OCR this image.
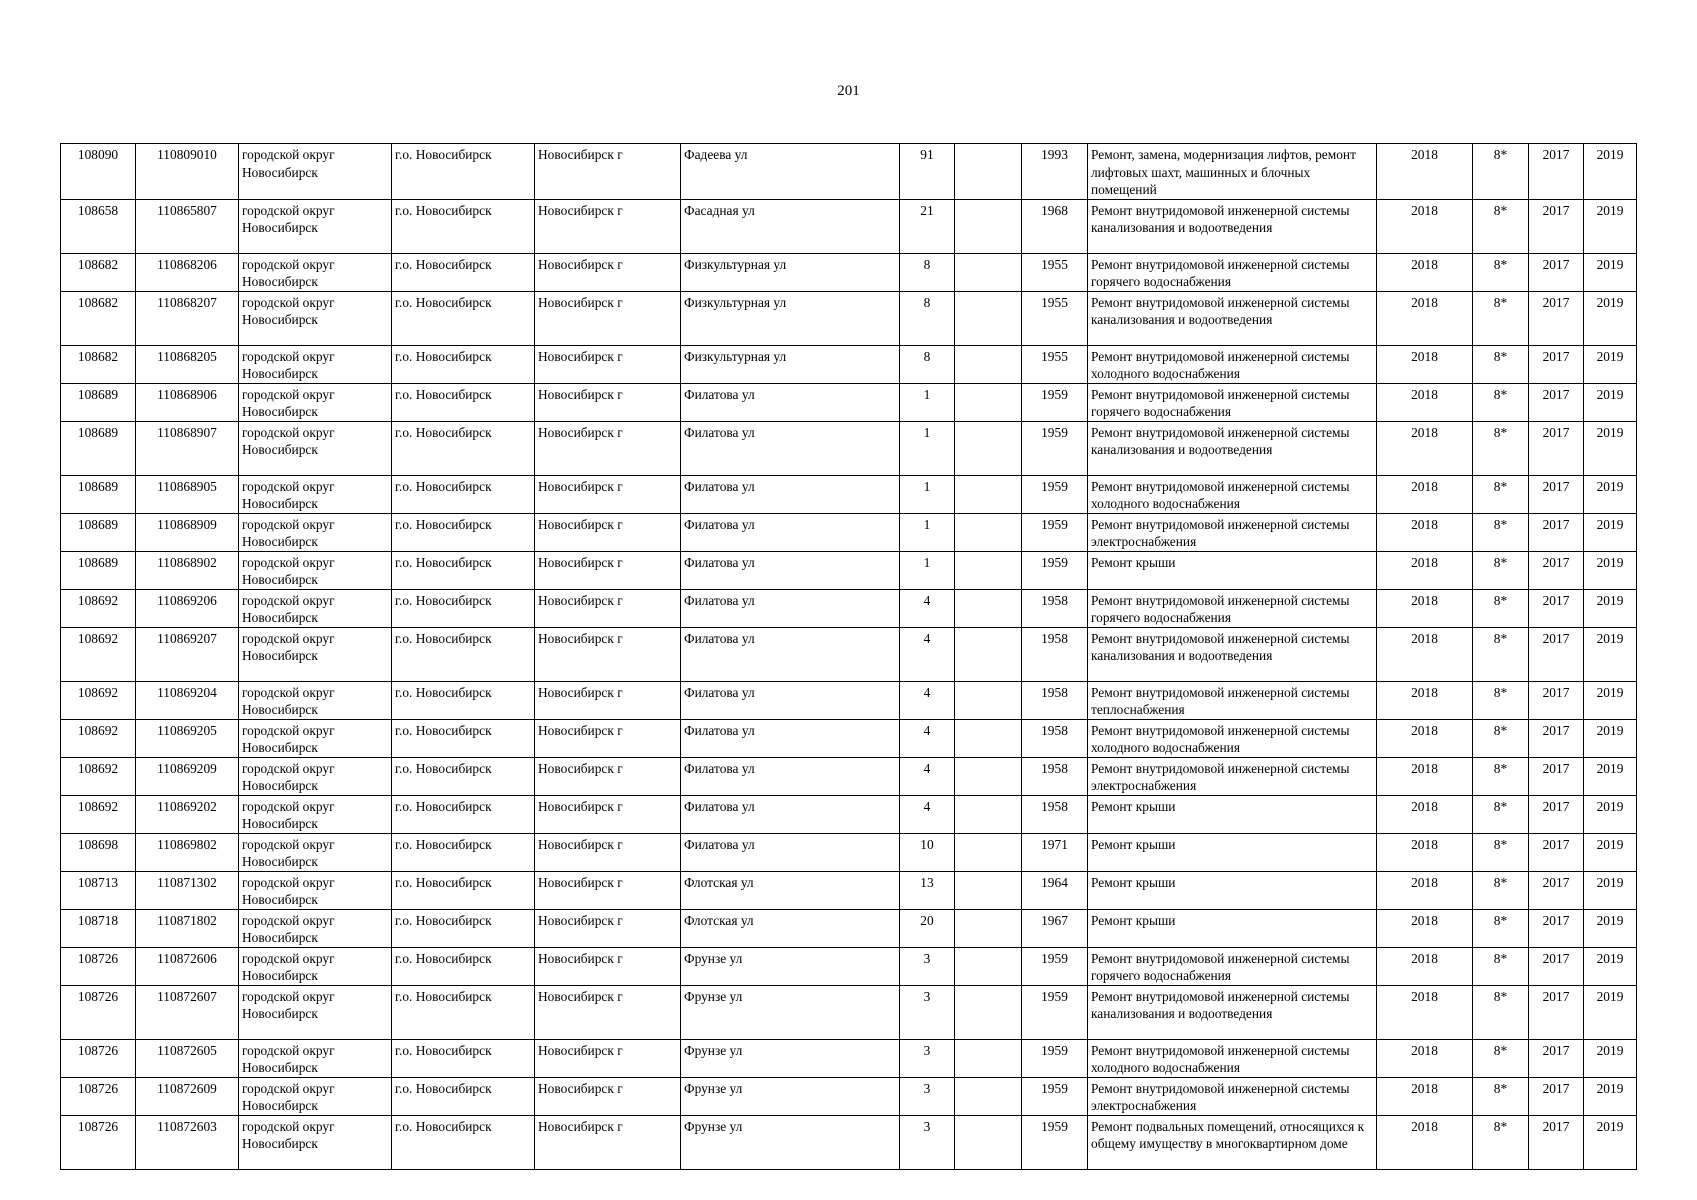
201
108090	110809010	городской округ Новосибирск	г.о. Новосибирск	Новосибирск г	Фадеева ул	91		1993	Ремонт, замена, модернизация лифтов, ремонт лифтовых шахт, машинных и блочных помещений	2018	8*	2017	2019
108658	110865807	городской округ Новосибирск	г.о. Новосибирск	Новосибирск г	Фасадная ул	21		1968	Ремонт внутридомовой инженерной системы канализования и водоотведения	2018	8*	2017	2019
108682	110868206	городской округ Новосибирск	г.о. Новосибирск	Новосибирск г	Физкультурная ул	8		1955	Ремонт внутридомовой инженерной системы горячего водоснабжения	2018	8*	2017	2019
108682	110868207	городской округ Новосибирск	г.о. Новосибирск	Новосибирск г	Физкультурная ул	8		1955	Ремонт внутридомовой инженерной системы канализования и водоотведения	2018	8*	2017	2019
108682	110868205	городской округ Новосибирск	г.о. Новосибирск	Новосибирск г	Физкультурная ул	8		1955	Ремонт внутридомовой инженерной системы холодного водоснабжения	2018	8*	2017	2019
108689	110868906	городской округ Новосибирск	г.о. Новосибирск	Новосибирск г	Филатова ул	1		1959	Ремонт внутридомовой инженерной системы горячего водоснабжения	2018	8*	2017	2019
108689	110868907	городской округ Новосибирск	г.о. Новосибирск	Новосибирск г	Филатова ул	1		1959	Ремонт внутридомовой инженерной системы канализования и водоотведения	2018	8*	2017	2019
108689	110868905	городской округ Новосибирск	г.о. Новосибирск	Новосибирск г	Филатова ул	1		1959	Ремонт внутридомовой инженерной системы холодного водоснабжения	2018	8*	2017	2019
108689	110868909	городской округ Новосибирск	г.о. Новосибирск	Новосибирск г	Филатова ул	1		1959	Ремонт внутридомовой инженерной системы электроснабжения	2018	8*	2017	2019
108689	110868902	городской округ Новосибирск	г.о. Новосибирск	Новосибирск г	Филатова ул	1		1959	Ремонт крыши	2018	8*	2017	2019
108692	110869206	городской округ Новосибирск	г.о. Новосибирск	Новосибирск г	Филатова ул	4		1958	Ремонт внутридомовой инженерной системы горячего водоснабжения	2018	8*	2017	2019
108692	110869207	городской округ Новосибирск	г.о. Новосибирск	Новосибирск г	Филатова ул	4		1958	Ремонт внутридомовой инженерной системы канализования и водоотведения	2018	8*	2017	2019
108692	110869204	городской округ Новосибирск	г.о. Новосибирск	Новосибирск г	Филатова ул	4		1958	Ремонт внутридомовой инженерной системы теплоснабжения	2018	8*	2017	2019
108692	110869205	городской округ Новосибирск	г.о. Новосибирск	Новосибирск г	Филатова ул	4		1958	Ремонт внутридомовой инженерной системы холодного водоснабжения	2018	8*	2017	2019
108692	110869209	городской округ Новосибирск	г.о. Новосибирск	Новосибирск г	Филатова ул	4		1958	Ремонт внутридомовой инженерной системы электроснабжения	2018	8*	2017	2019
108692	110869202	городской округ Новосибирск	г.о. Новосибирск	Новосибирск г	Филатова ул	4		1958	Ремонт крыши	2018	8*	2017	2019
108698	110869802	городской округ Новосибирск	г.о. Новосибирск	Новосибирск г	Филатова ул	10		1971	Ремонт крыши	2018	8*	2017	2019
108713	110871302	городской округ Новосибирск	г.о. Новосибирск	Новосибирск г	Флотская ул	13		1964	Ремонт крыши	2018	8*	2017	2019
108718	110871802	городской округ Новосибирск	г.о. Новосибирск	Новосибирск г	Флотская ул	20		1967	Ремонт крыши	2018	8*	2017	2019
108726	110872606	городской округ Новосибирск	г.о. Новосибирск	Новосибирск г	Фрунзе ул	3		1959	Ремонт внутридомовой инженерной системы горячего водоснабжения	2018	8*	2017	2019
108726	110872607	городской округ Новосибирск	г.о. Новосибирск	Новосибирск г	Фрунзе ул	3		1959	Ремонт внутридомовой инженерной системы канализования и водоотведения	2018	8*	2017	2019
108726	110872605	городской округ Новосибирск	г.о. Новосибирск	Новосибирск г	Фрунзе ул	3		1959	Ремонт внутридомовой инженерной системы холодного водоснабжения	2018	8*	2017	2019
108726	110872609	городской округ Новосибирск	г.о. Новосибирск	Новосибирск г	Фрунзе ул	3		1959	Ремонт внутридомовой инженерной системы электроснабжения	2018	8*	2017	2019
108726	110872603	городской округ Новосибирск	г.о. Новосибирск	Новосибирск г	Фрунзе ул	3		1959	Ремонт подвальных помещений, относящихся к общему имуществу в многоквартирном доме	2018	8*	2017	2019
